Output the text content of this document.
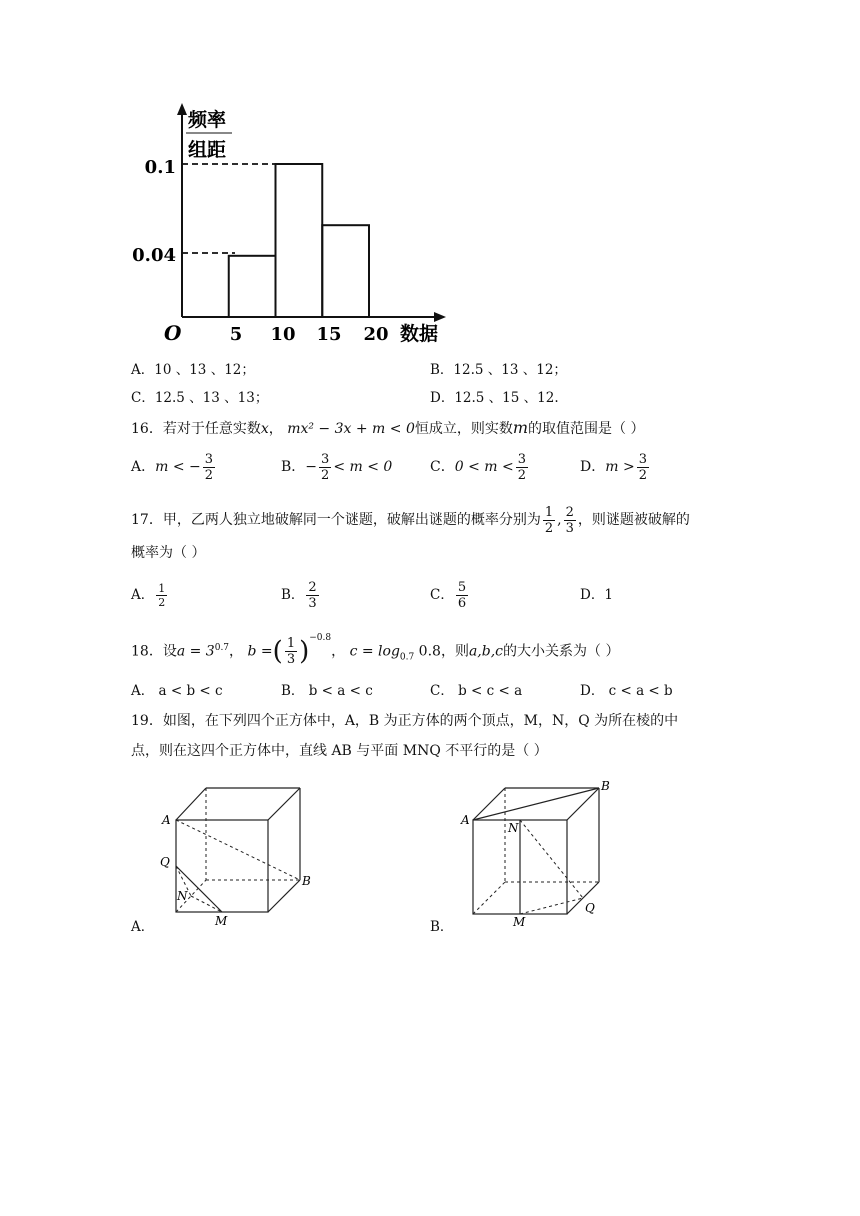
频率
组距
0.1
0.04
O	5 10 15 20 数据
A．10 、13 、12；	B．12.5 、13 、12；
C．12.5 、13 、13；	D．12.5 、15 、12.
16．若对于任意实数x， mx² − 3x + m < 0恒成立，则实数m的取值范围是（ ）
A．m < − $\frac{3}{2}$	B．− $\frac{3}{2} < m < 0$	C．$0 < m < \frac{3}{2}$	D．$m > \frac{3}{2}$
17．甲，乙两人独立地破解同一个谜题，破解出谜题的概率分别为 $\frac{1}{2}$ , $\frac{2}{3}$ ，则谜题被破解的
概率为（ ）
A． $\frac{1}{2}$	B． $\frac{2}{3}$	C． $\frac{5}{6}$	D．1
18．设$a = 3^{0.7}$， b =( $\frac{1}{3} )^{-0.8}$， $c = \log_{0.7} 0.8$，则a,b,c的大小关系为（ ）
A． a < b < c	B． b < a < c	C． b < c < a	D． c < a < b
19．如图，在下列四个正方体中，A，B 为正方体的两个顶点，M，N，Q 为所在棱的中
点，则在这四个正方体中，直线 AB 与平面 MNQ 不平行的是（ ）
A
B
Q
N
M
A．
A
B
N
M
Q
B．
